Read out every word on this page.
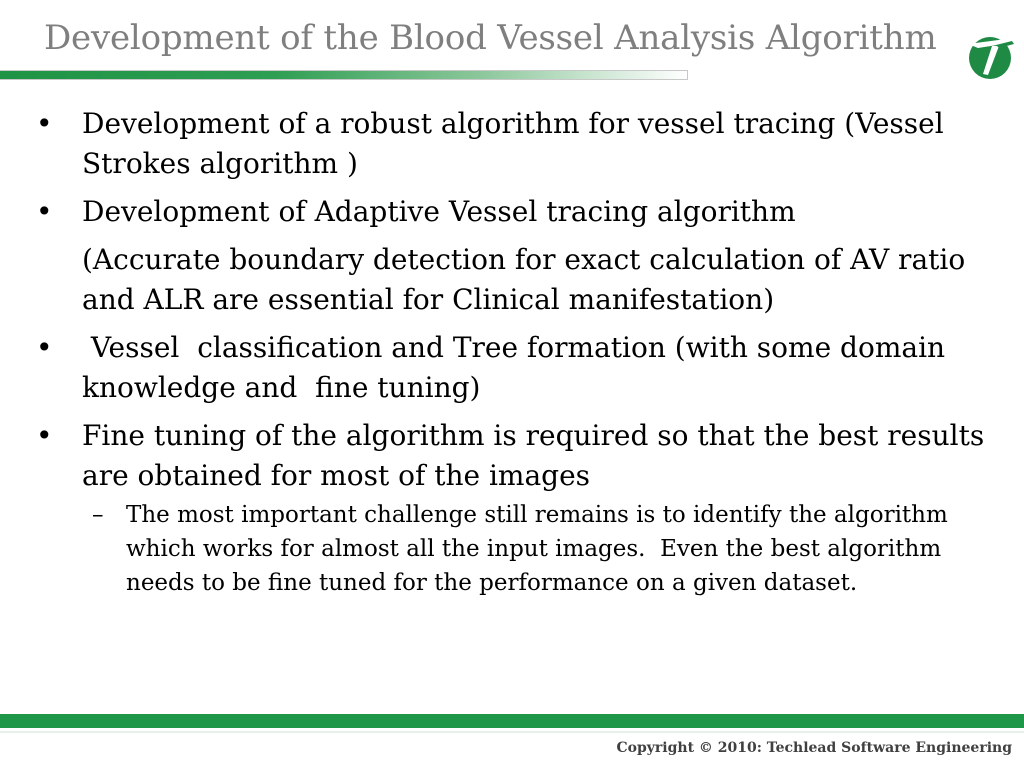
Development of the Blood Vessel Analysis Algorithm
•	Development of a robust algorithm for vessel tracing (Vessel Strokes algorithm )
•	Development of Adaptive Vessel tracing algorithm
(Accurate boundary detection for exact calculation of AV ratio and ALR are essential for Clinical manifestation)
•	Vessel  classification and Tree formation (with some domain knowledge and  fine tuning)
•	Fine tuning of the algorithm is required so that the best results are obtained for most of the images
– The most important challenge still remains is to identify the algorithm which works for almost all the input images.  Even the best algorithm needs to be fine tuned for the performance on a given dataset.
Copyright © 2010: Techlead Software Engineering
